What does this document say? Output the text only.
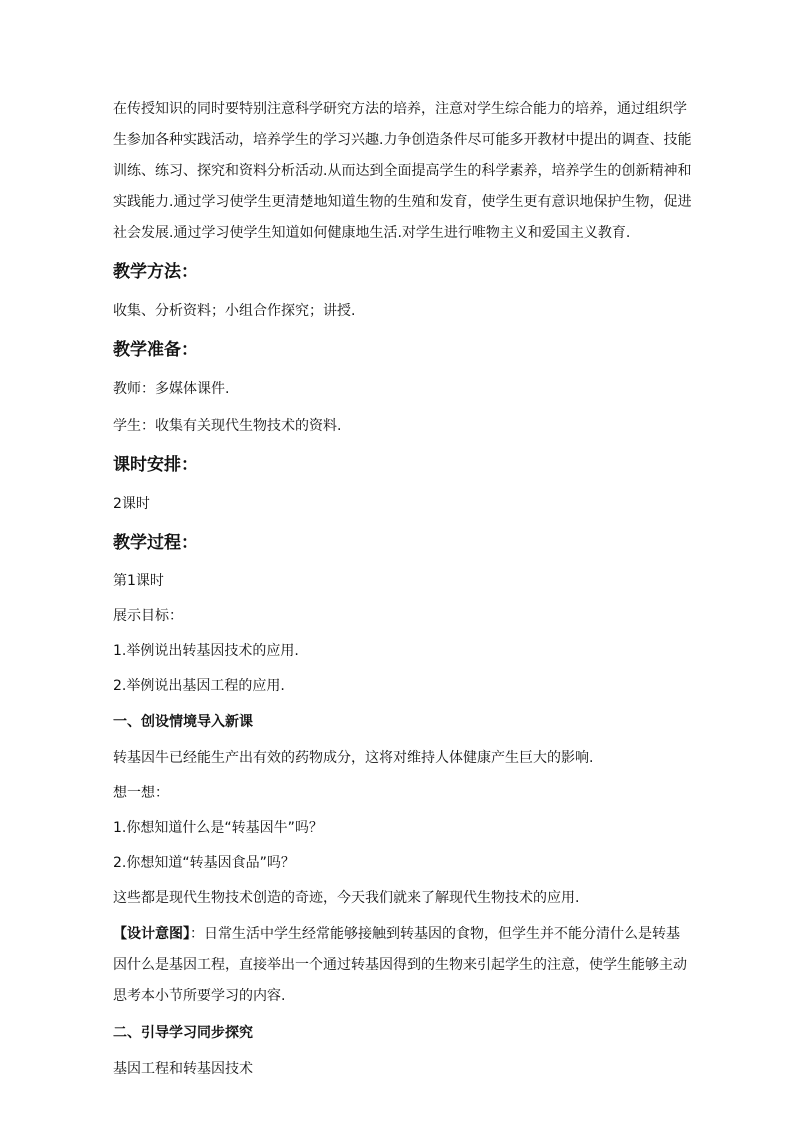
在传授知识的同时要特别注意科学研究方法的培养，注意对学生综合能力的培养，通过组织学生参加各种实践活动，培养学生的学习兴趣.力争创造条件尽可能多开教材中提出的调查、技能训练、练习、探究和资料分析活动.从而达到全面提高学生的科学素养，培养学生的创新精神和实践能力.通过学习使学生更清楚地知道生物的生殖和发育，使学生更有意识地保护生物，促进社会发展.通过学习使学生知道如何健康地生活.对学生进行唯物主义和爱国主义教育.

教学方法：

收集、分析资料；小组合作探究；讲授.

教学准备：

教师：多媒体课件.

学生：收集有关现代生物技术的资料.

课时安排：

2课时

教学过程：

第1课时

展示目标：

1.举例说出转基因技术的应用.

2.举例说出基因工程的应用.

一、创设情境导入新课

转基因牛已经能生产出有效的药物成分，这将对维持人体健康产生巨大的影响.

想一想：

1.你想知道什么是“转基因牛”吗？

2.你想知道“转基因食品”吗？

这些都是现代生物技术创造的奇迹，今天我们就来了解现代生物技术的应用.

【设计意图】：日常生活中学生经常能够接触到转基因的食物，但学生并不能分清什么是转基因什么是基因工程，直接举出一个通过转基因得到的生物来引起学生的注意，使学生能够主动思考本小节所要学习的内容.

二、引导学习同步探究

基因工程和转基因技术
